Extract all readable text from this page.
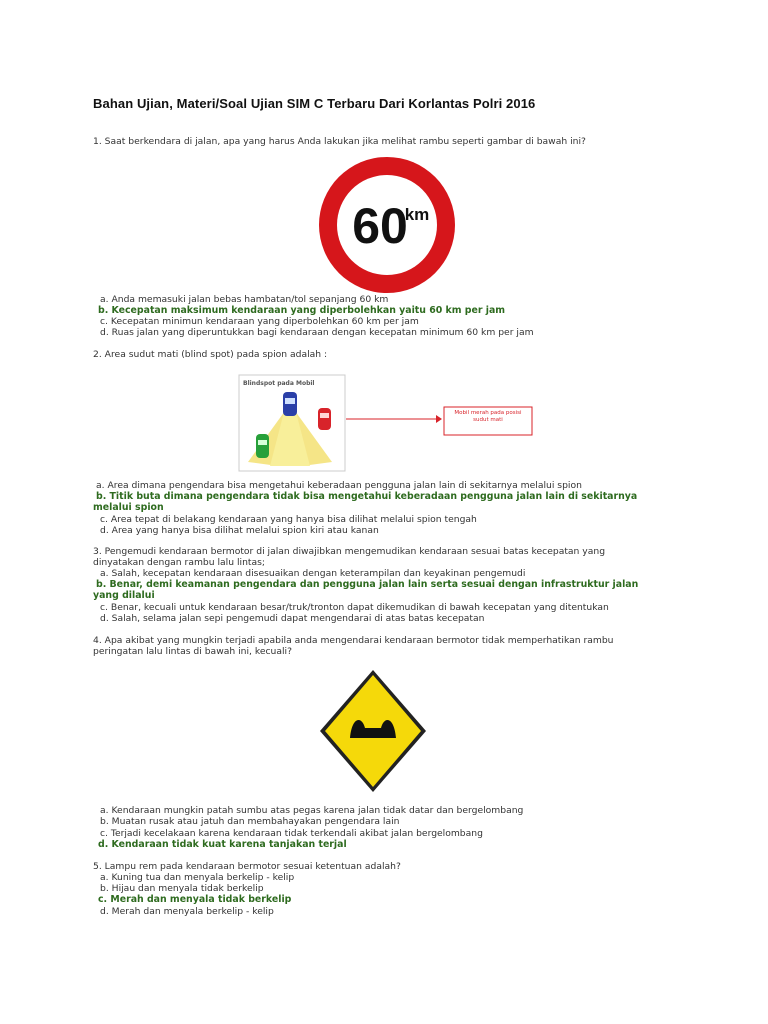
Bahan Ujian, Materi/Soal Ujian SIM C Terbaru Dari Korlantas Polri 2016
1. Saat berkendara di jalan, apa yang harus Anda lakukan jika melihat rambu seperti gambar di bawah ini?
60
km
a. Anda memasuki jalan bebas hambatan/tol sepanjang 60 km
b. Kecepatan maksimum kendaraan yang diperbolehkan yaitu 60 km per jam
c. Kecepatan minimun kendaraan yang diperbolehkan 60 km per jam
d. Ruas jalan yang diperuntukkan bagi kendaraan dengan kecepatan minimum 60 km per jam
2. Area sudut mati (blind spot) pada spion adalah :
Blindspot pada Mobil
Mobil merah pada posisi sudut mati
a. Area dimana pengendara bisa mengetahui keberadaan pengguna jalan lain di sekitarnya melalui spion
b. Titik buta dimana pengendara tidak bisa mengetahui keberadaan pengguna jalan lain di sekitarnya
melalui spion
c. Area tepat di belakang kendaraan yang hanya bisa dilihat melalui spion tengah
d. Area yang hanya bisa dilihat melalui spion kiri atau kanan
3. Pengemudi kendaraan bermotor di jalan diwajibkan mengemudikan kendaraan sesuai batas kecepatan yang
dinyatakan dengan rambu lalu lintas;
a. Salah, kecepatan kendaraan disesuaikan dengan keterampilan dan keyakinan pengemudi
b. Benar, demi keamanan pengendara dan pengguna jalan lain serta sesuai dengan infrastruktur jalan
yang dilalui
c. Benar, kecuali untuk kendaraan besar/truk/tronton dapat dikemudikan di bawah kecepatan yang ditentukan
d. Salah, selama jalan sepi pengemudi dapat mengendarai di atas batas kecepatan
4. Apa akibat yang mungkin terjadi apabila anda mengendarai kendaraan bermotor tidak memperhatikan rambu
peringatan lalu lintas di bawah ini, kecuali?
a. Kendaraan mungkin patah sumbu atas pegas karena jalan tidak datar dan bergelombang
b. Muatan rusak atau jatuh dan membahayakan pengendara lain
c. Terjadi kecelakaan karena kendaraan tidak terkendali akibat jalan bergelombang
d. Kendaraan tidak kuat karena tanjakan terjal
5. Lampu rem pada kendaraan bermotor sesuai ketentuan adalah?
a. Kuning tua dan menyala berkelip - kelip
b. Hijau dan menyala tidak berkelip
c. Merah dan menyala tidak berkelip
d. Merah dan menyala berkelip - kelip
